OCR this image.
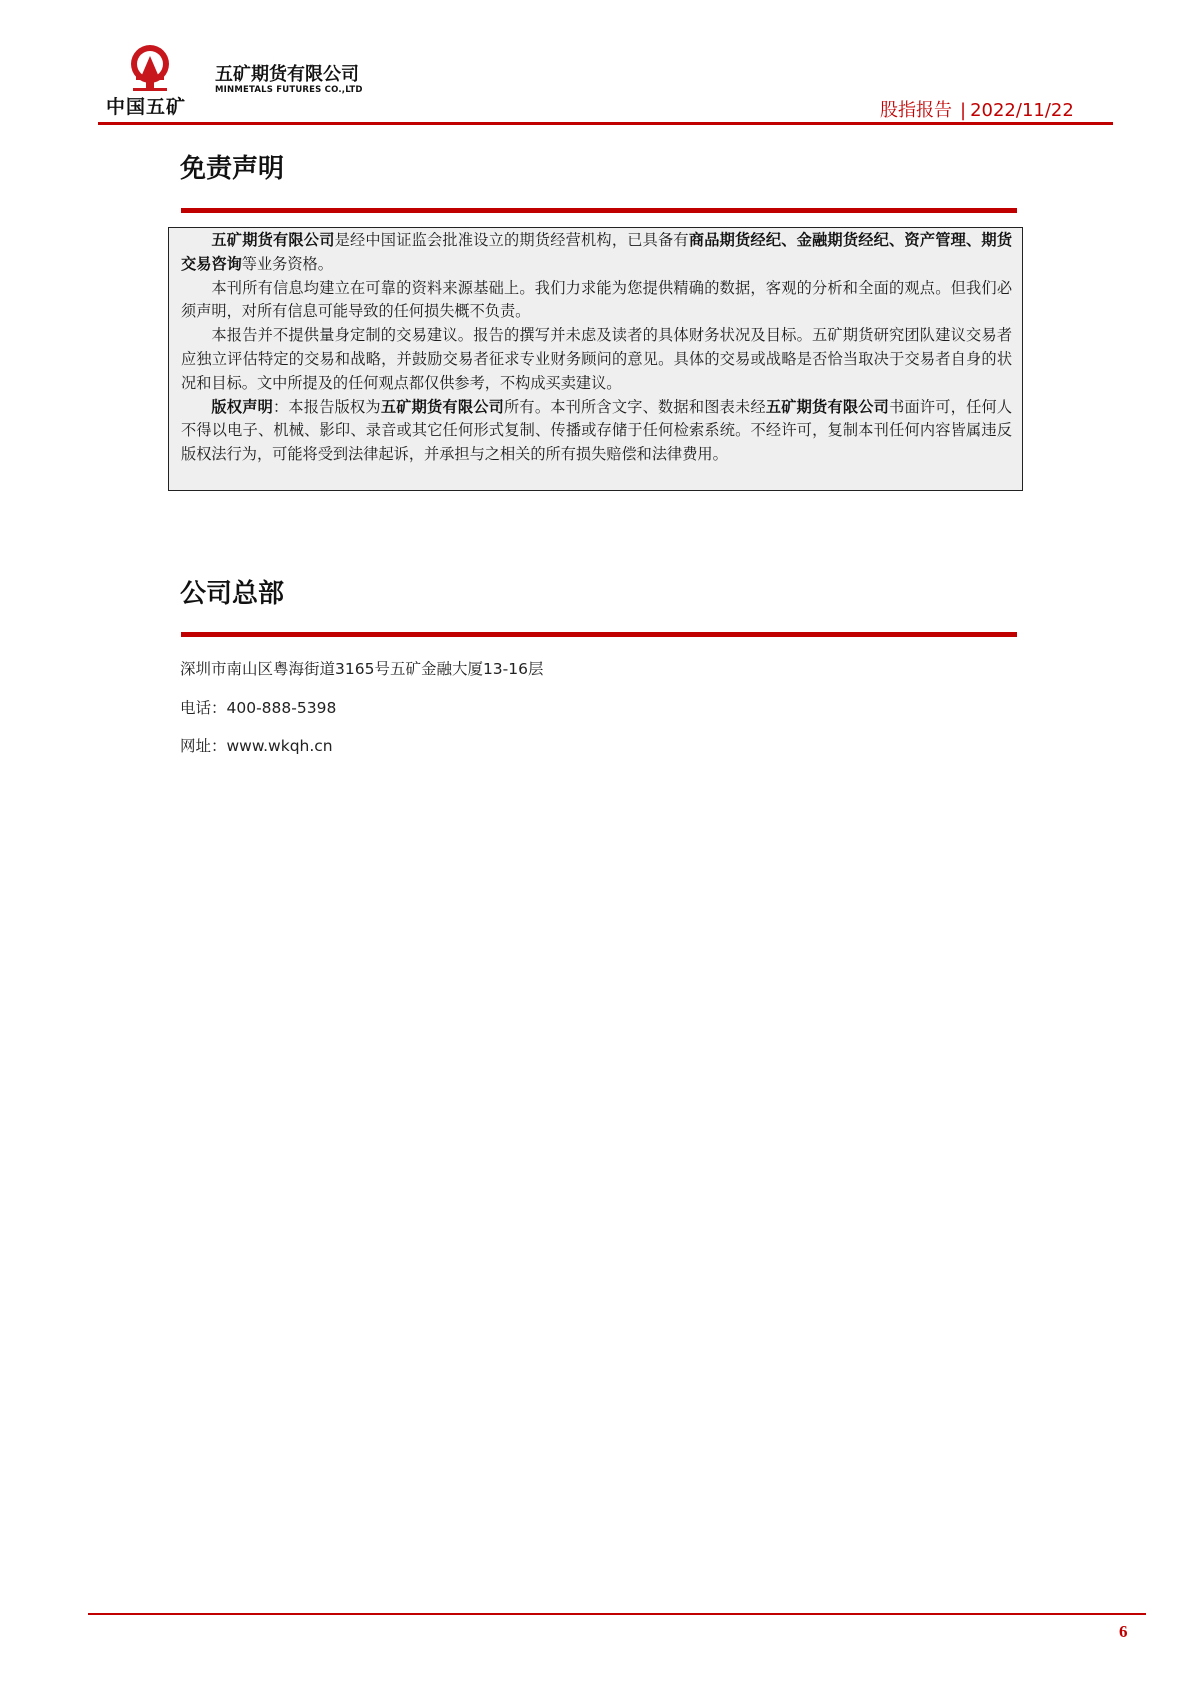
中国五矿
五矿期货有限公司
MINMETALS FUTURES CO.,LTD
股指报告 | 2022/11/22
免责声明

五矿期货有限公司是经中国证监会批准设立的期货经营机构，已具备有商品期货经纪、金融期货经纪、资产管理、期货交易咨询等业务资格。

本刊所有信息均建立在可靠的资料来源基础上。我们力求能为您提供精确的数据，客观的分析和全面的观点。但我们必须声明，对所有信息可能导致的任何损失概不负责。

本报告并不提供量身定制的交易建议。报告的撰写并未虑及读者的具体财务状况及目标。五矿期货研究团队建议交易者应独立评估特定的交易和战略，并鼓励交易者征求专业财务顾问的意见。具体的交易或战略是否恰当取决于交易者自身的状况和目标。文中所提及的任何观点都仅供参考，不构成买卖建议。

版权声明：本报告版权为五矿期货有限公司所有。本刊所含文字、数据和图表未经五矿期货有限公司书面许可，任何人不得以电子、机械、影印、录音或其它任何形式复制、传播或存储于任何检索系统。不经许可，复制本刊任何内容皆属违反版权法行为，可能将受到法律起诉，并承担与之相关的所有损失赔偿和法律费用。

公司总部
深圳市南山区粤海街道3165号五矿金融大厦13-16层
电话：400-888-5398
网址：www.wkqh.cn
6
